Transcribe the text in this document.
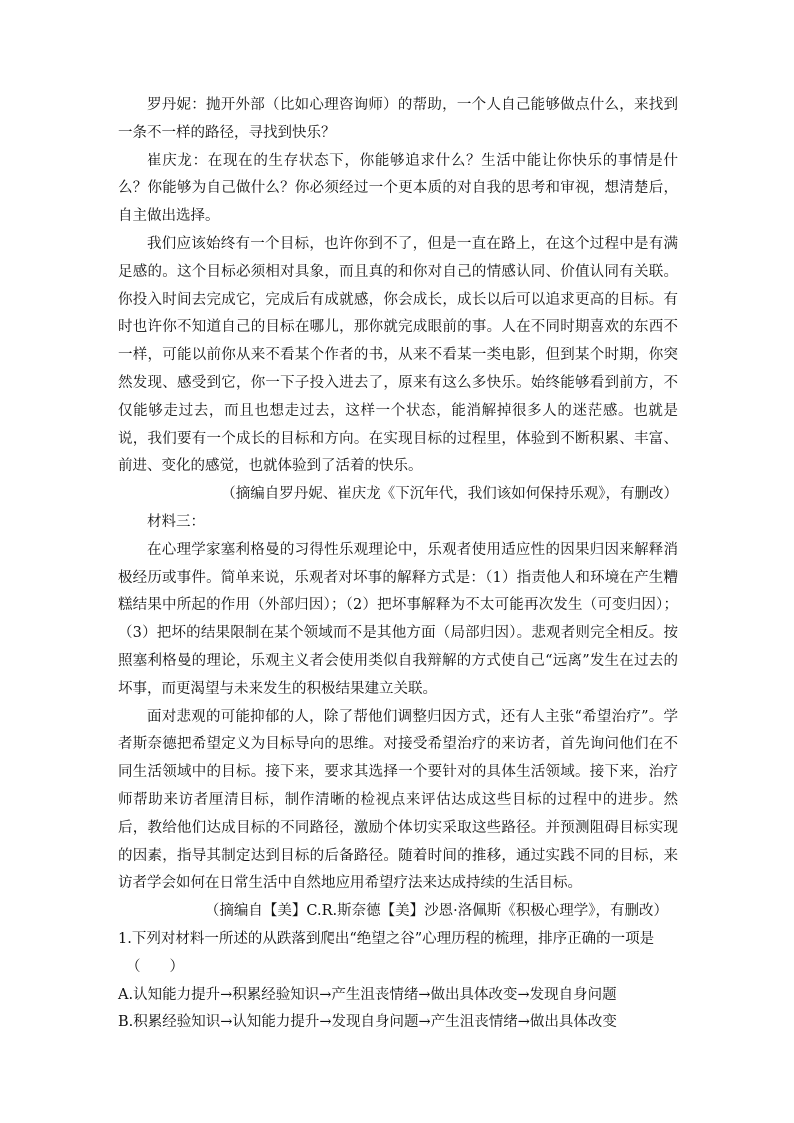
罗丹妮：抛开外部（比如心理咨询师）的帮助，一个人自己能够做点什么，来找到一条不一样的路径，寻找到快乐？

崔庆龙：在现在的生存状态下，你能够追求什么？生活中能让你快乐的事情是什么？你能够为自己做什么？你必须经过一个更本质的对自我的思考和审视，想清楚后，自主做出选择。

我们应该始终有一个目标，也许你到不了，但是一直在路上，在这个过程中是有满足感的。这个目标必须相对具象，而且真的和你对自己的情感认同、价值认同有关联。你投入时间去完成它，完成后有成就感，你会成长，成长以后可以追求更高的目标。有时也许你不知道自己的目标在哪儿，那你就完成眼前的事。人在不同时期喜欢的东西不一样，可能以前你从来不看某个作者的书，从来不看某一类电影，但到某个时期，你突然发现、感受到它，你一下子投入进去了，原来有这么多快乐。始终能够看到前方，不仅能够走过去，而且也想走过去，这样一个状态，能消解掉很多人的迷茫感。也就是说，我们要有一个成长的目标和方向。在实现目标的过程里，体验到不断积累、丰富、前进、变化的感觉，也就体验到了活着的快乐。

（摘编自罗丹妮、崔庆龙《下沉年代，我们该如何保持乐观》，有删改）

材料三：

在心理学家塞利格曼的习得性乐观理论中，乐观者使用适应性的因果归因来解释消极经历或事件。简单来说，乐观者对坏事的解释方式是：（1）指责他人和环境在产生糟糕结果中所起的作用（外部归因）；（2）把坏事解释为不太可能再次发生（可变归因）；（3）把坏的结果限制在某个领域而不是其他方面（局部归因）。悲观者则完全相反。按照塞利格曼的理论，乐观主义者会使用类似自我辩解的方式使自己“远离”发生在过去的坏事，而更渴望与未来发生的积极结果建立关联。

面对悲观的可能抑郁的人，除了帮他们调整归因方式，还有人主张“希望治疗”。学者斯奈德把希望定义为目标导向的思维。对接受希望治疗的来访者，首先询问他们在不同生活领域中的目标。接下来，要求其选择一个要针对的具体生活领域。接下来，治疗师帮助来访者厘清目标，制作清晰的检视点来评估达成这些目标的过程中的进步。然后，教给他们达成目标的不同路径，激励个体切实采取这些路径。并预测阻碍目标实现的因素，指导其制定达到目标的后备路径。随着时间的推移，通过实践不同的目标，来访者学会如何在日常生活中自然地应用希望疗法来达成持续的生活目标。

（摘编自【美】C.R.斯奈德【美】沙恩·洛佩斯《积极心理学》，有删改）

1.下列对材料一所述的从跌落到爬出“绝望之谷”心理历程的梳理，排序正确的一项是

（　　）

A.认知能力提升→积累经验知识→产生沮丧情绪→做出具体改变→发现自身问题

B.积累经验知识→认知能力提升→发现自身问题→产生沮丧情绪→做出具体改变
